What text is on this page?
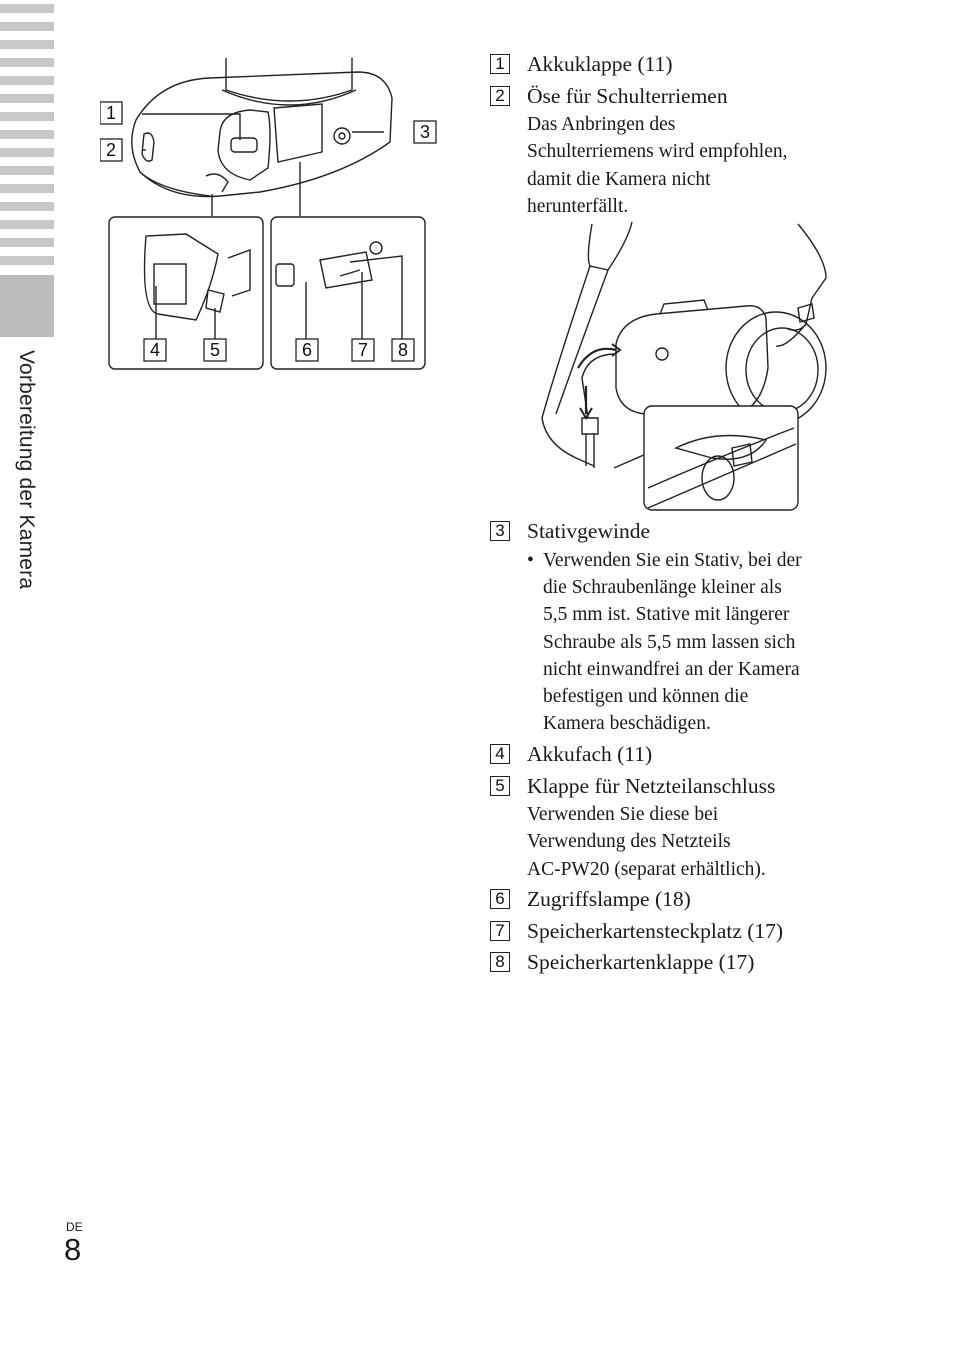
Vorbereitung der Kamera
1
2
3
4	5	6	7 8
1 Akkuklappe (11)
2 Öse für Schulterriemen
Das Anbringen des
Schulterriemens wird empfohlen,
damit die Kamera nicht
herunterfällt.
3 Stativgewinde
• Verwenden Sie ein Stativ, bei der
die Schraubenlänge kleiner als
5,5 mm ist. Stative mit längerer
Schraube als 5,5 mm lassen sich
nicht einwandfrei an der Kamera
befestigen und können die
Kamera beschädigen.
4 Akkufach (11)
5 Klappe für Netzteilanschluss
Verwenden Sie diese bei
Verwendung des Netzteils
AC-PW20 (separat erhältlich).
6 Zugriffslampe (18)
7 Speicherkartensteckplatz (17)
8 Speicherkartenklappe (17)
DE
8
